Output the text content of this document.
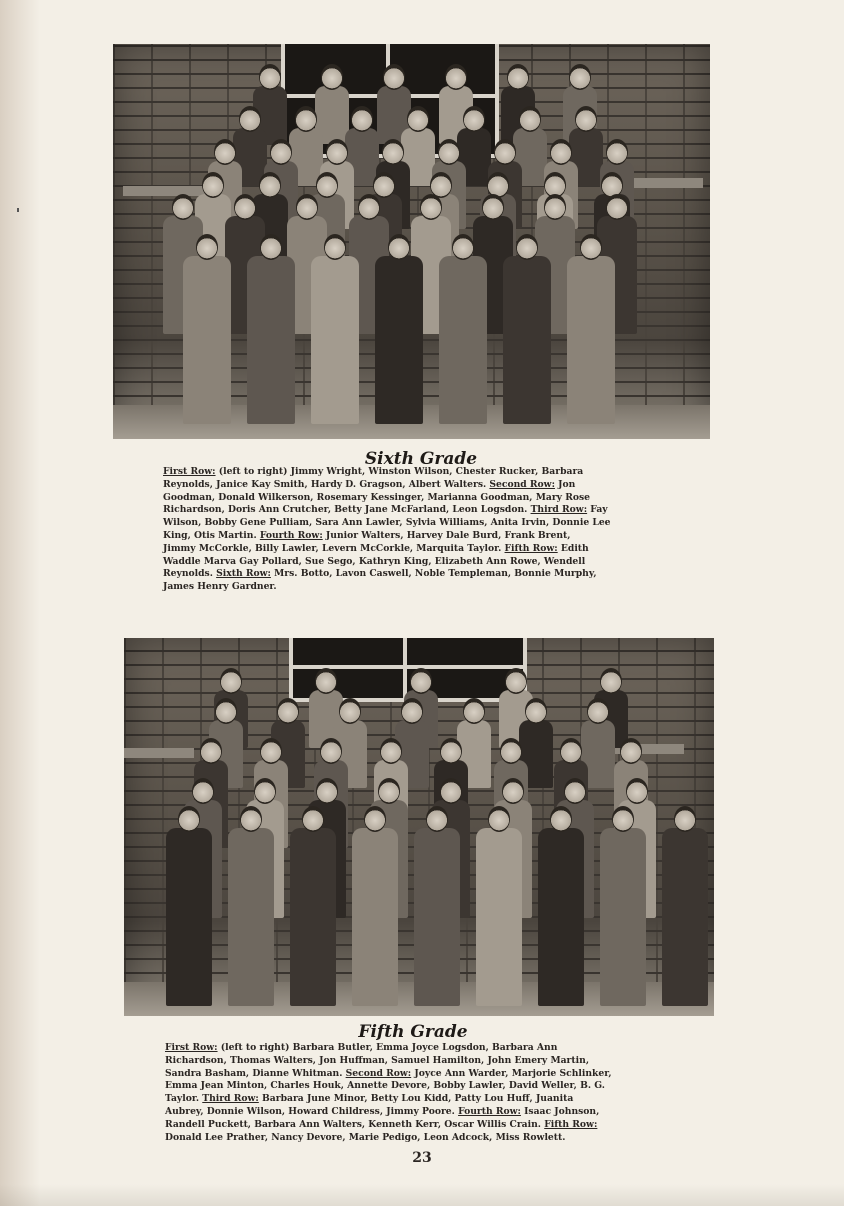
Sixth Grade
First Row: (left to right) Jimmy Wright, Winston Wilson, Chester Rucker, Barbara
Reynolds, Janice Kay Smith, Hardy D. Gragson, Albert Walters. Second Row: Jon
Goodman, Donald Wilkerson, Rosemary Kessinger, Marianna Goodman, Mary Rose
Richardson, Doris Ann Crutcher, Betty Jane McFarland, Leon Logsdon. Third Row: Fay
Wilson, Bobby Gene Pulliam, Sara Ann Lawler, Sylvia Williams, Anita Irvin, Donnie Lee
King, Otis Martin. Fourth Row: Junior Walters, Harvey Dale Burd, Frank Brent,
Jimmy McCorkle, Billy Lawler, Levern McCorkle, Marquita Taylor. Fifth Row: Edith
Waddle Marva Gay Pollard, Sue Sego, Kathryn King, Elizabeth Ann Rowe, Wendell
Reynolds. Sixth Row: Mrs. Botto, Lavon Caswell, Noble Templeman, Bonnie Murphy,
James Henry Gardner.
Fifth Grade
First Row: (left to right) Barbara Butler, Emma Joyce Logsdon, Barbara Ann
Richardson, Thomas Walters, Jon Huffman, Samuel Hamilton, John Emery Martin,
Sandra Basham, Dianne Whitman. Second Row: Joyce Ann Warder, Marjorie Schlinker,
Emma Jean Minton, Charles Houk, Annette Devore, Bobby Lawler, David Weller, B. G.
Taylor. Third Row: Barbara June Minor, Betty Lou Kidd, Patty Lou Huff, Juanita
Aubrey, Donnie Wilson, Howard Childress, Jimmy Poore. Fourth Row: Isaac Johnson,
Randell Puckett, Barbara Ann Walters, Kenneth Kerr, Oscar Willis Crain. Fifth Row:
Donald Lee Prather, Nancy Devore, Marie Pedigo, Leon Adcock, Miss Rowlett.
23
